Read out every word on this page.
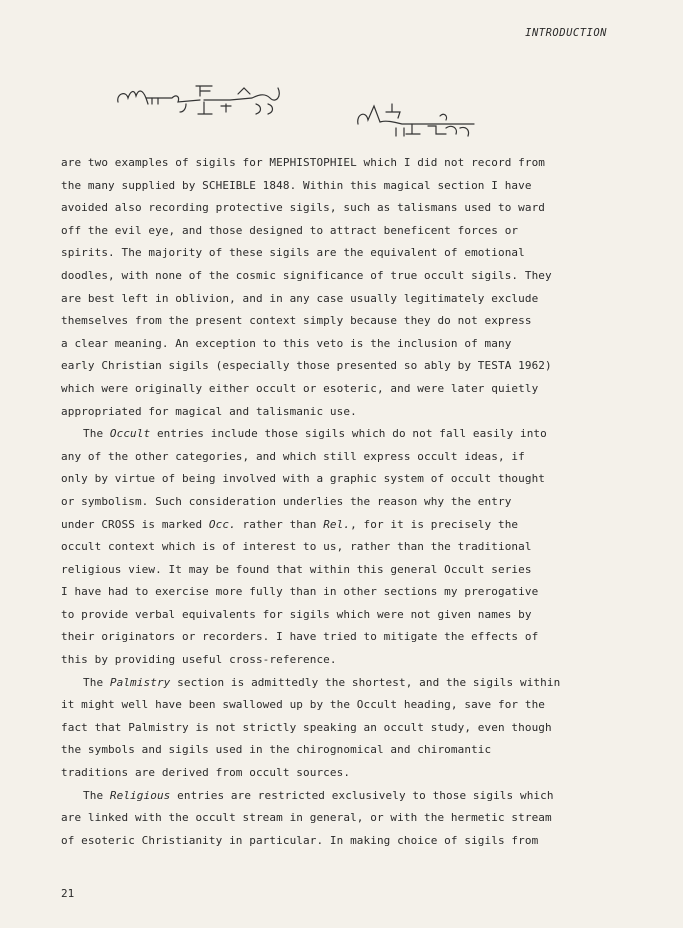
INTRODUCTION

are two examples of sigils for MEPHISTOPHIEL which I did not record from
the many supplied by SCHEIBLE 1848. Within this magical section I have
avoided also recording protective sigils, such as talismans used to ward
off the evil eye, and those designed to attract beneficent forces or
spirits. The majority of these sigils are the equivalent of emotional
doodles, with none of the cosmic significance of true occult sigils. They
are best left in oblivion, and in any case usually legitimately exclude
themselves from the present context simply because they do not express
a clear meaning. An exception to this veto is the inclusion of many
early Christian sigils (especially those presented so ably by TESTA 1962)
which were originally either occult or esoteric, and were later quietly
appropriated for magical and talismanic use.

The Occult entries include those sigils which do not fall easily into
any of the other categories, and which still express occult ideas, if
only by virtue of being involved with a graphic system of occult thought
or symbolism. Such consideration underlies the reason why the entry
under CROSS is marked Occ. rather than Rel., for it is precisely the
occult context which is of interest to us, rather than the traditional
religious view. It may be found that within this general Occult series
I have had to exercise more fully than in other sections my prerogative
to provide verbal equivalents for sigils which were not given names by
their originators or recorders. I have tried to mitigate the effects of
this by providing useful cross-reference.

The Palmistry section is admittedly the shortest, and the sigils within
it might well have been swallowed up by the Occult heading, save for the
fact that Palmistry is not strictly speaking an occult study, even though
the symbols and sigils used in the chirognomical and chiromantic
traditions are derived from occult sources.

The Religious entries are restricted exclusively to those sigils which
are linked with the occult stream in general, or with the hermetic stream
of esoteric Christianity in particular. In making choice of sigils from

21
